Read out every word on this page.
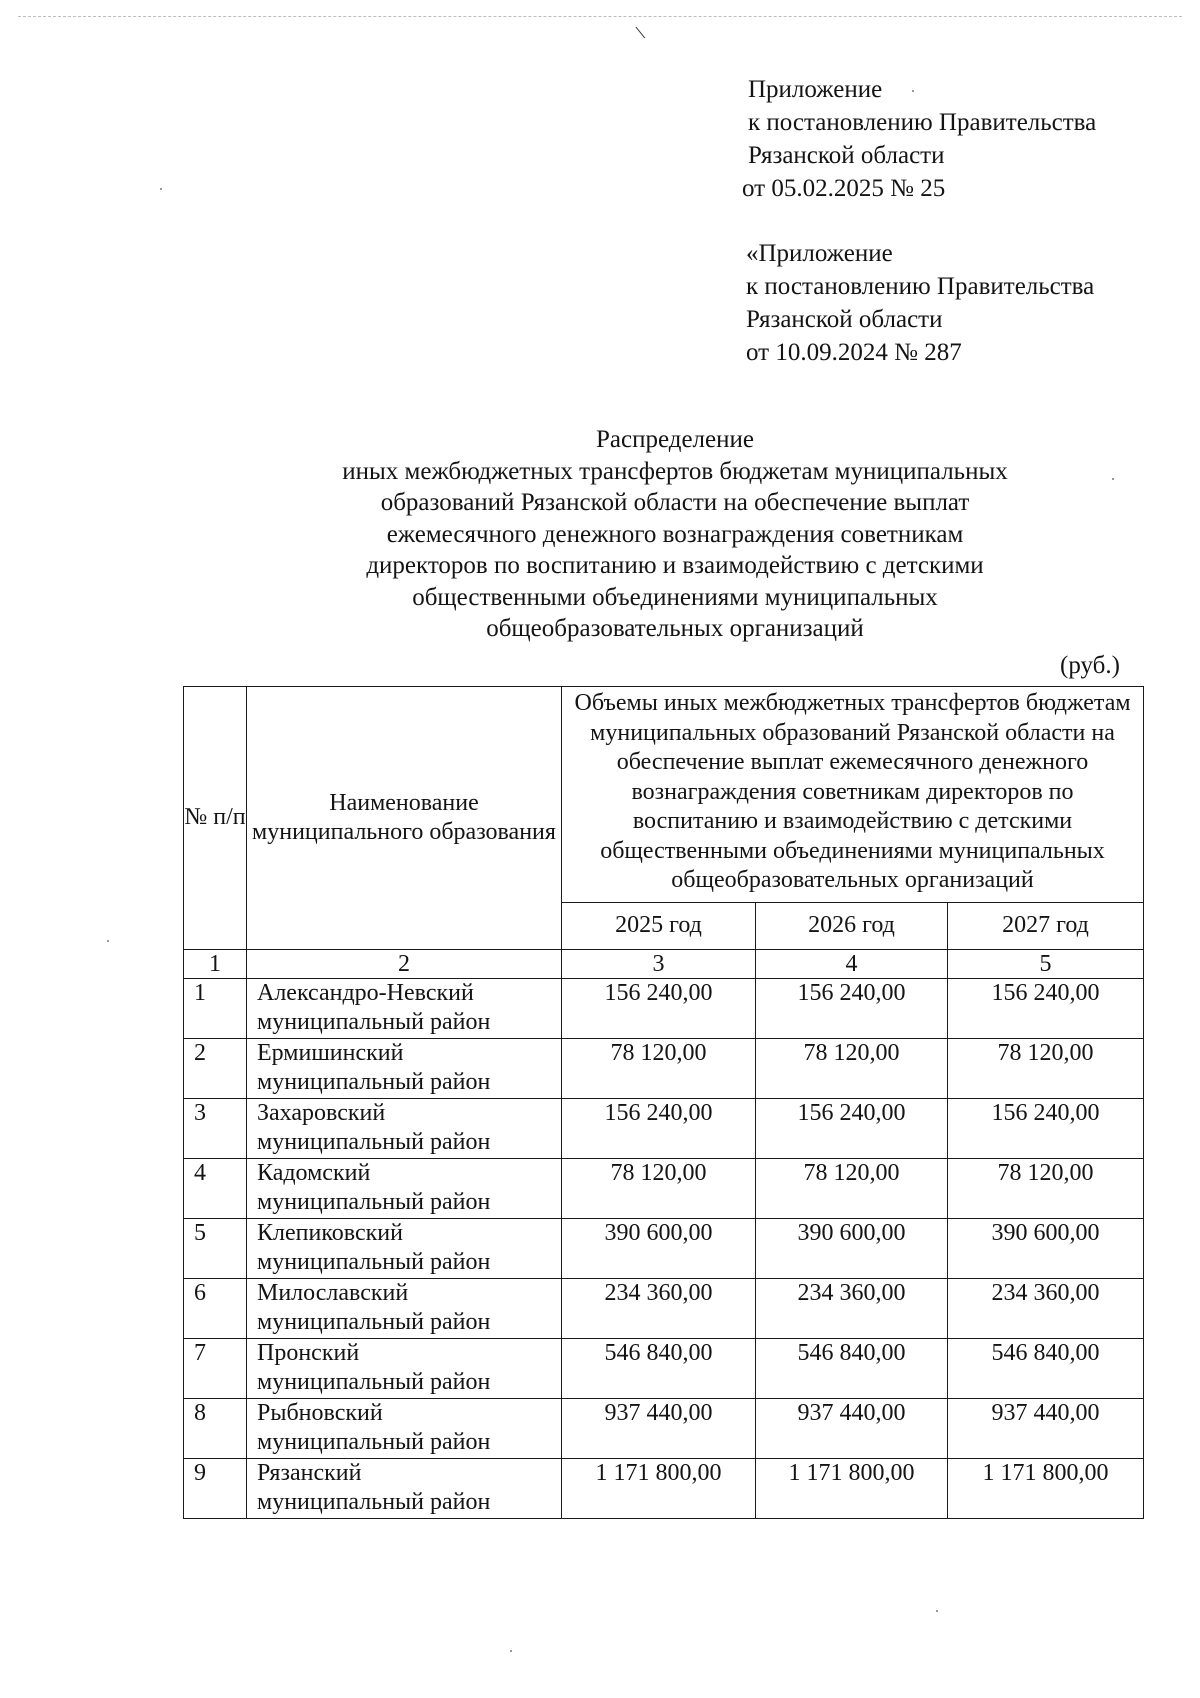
\
Приложение
к постановлению Правительства
Рязанской области
от 05.02.2025 № 25
«Приложение
к постановлению Правительства
Рязанской области
от 10.09.2024 № 287
Распределение
иных межбюджетных трансфертов бюджетам муниципальных
образований Рязанской области на обеспечение выплат
ежемесячного денежного вознаграждения советникам
директоров по воспитанию и взаимодействию с детскими
общественными объединениями муниципальных
общеобразовательных организаций
(руб.)
№ п/п	Наименование муниципального образования	Объемы иных межбюджетных трансфертов бюджетам муниципальных образований Рязанской области на обеспечение выплат ежемесячного денежного вознаграждения советникам директоров по воспитанию и взаимодействию с детскими общественными объединениями муниципальных общеобразовательных организаций		
		2025 год	2026 год	2027 год
1	2	3	4	5
1	Александро-Невский
муниципальный район	156 240,00	156 240,00	156 240,00
2	Ермишинский
муниципальный район	78 120,00	78 120,00	78 120,00
3	Захаровский
муниципальный район	156 240,00	156 240,00	156 240,00
4	Кадомский
муниципальный район	78 120,00	78 120,00	78 120,00
5	Клепиковский
муниципальный район	390 600,00	390 600,00	390 600,00
6	Милославский
муниципальный район	234 360,00	234 360,00	234 360,00
7	Пронский
муниципальный район	546 840,00	546 840,00	546 840,00
8	Рыбновский
муниципальный район	937 440,00	937 440,00	937 440,00
9	Рязанский
муниципальный район	1 171 800,00	1 171 800,00	1 171 800,00
